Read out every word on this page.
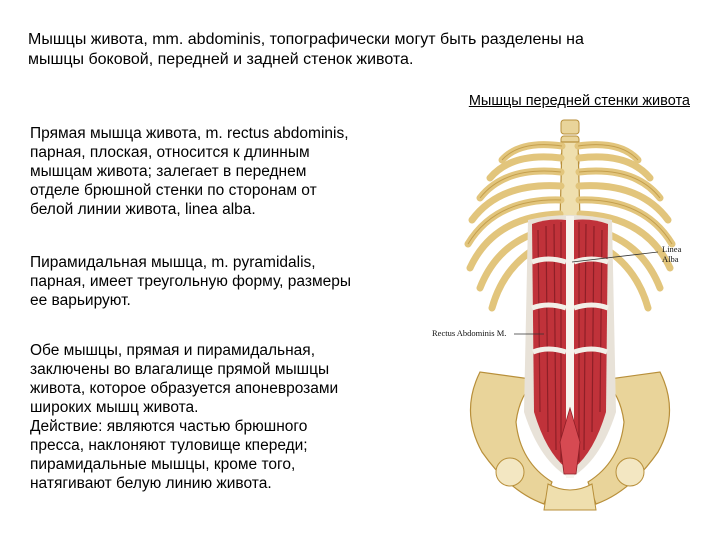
Мышцы живота, mm. abdominis, топографически могут быть разделены на
мышцы боковой, передней и задней стенок живота.

Мышцы передней стенки живота

Прямая мышца живота, m. rectus abdominis,
парная, плоская, относится к длинным
мышцам живота; залегает в переднем
отделе брюшной стенки по сторонам от
белой линии живота, linea alba.

Пирамидальная мышца, m. pyramidalis,
парная, имеет треугольную форму, размеры
ее варьируют.

Обе мышцы, прямая и пирамидальная,
заключены во влагалище прямой мышцы
живота, которое образуется апоневрозами
широких мышц живота.
Действие: являются частью брюшного
пресса, наклоняют туловище кпереди;
пирамидальные мышцы, кроме того,
натягивают белую линию живота.

Linea
Alba
Rectus Abdominis M.
